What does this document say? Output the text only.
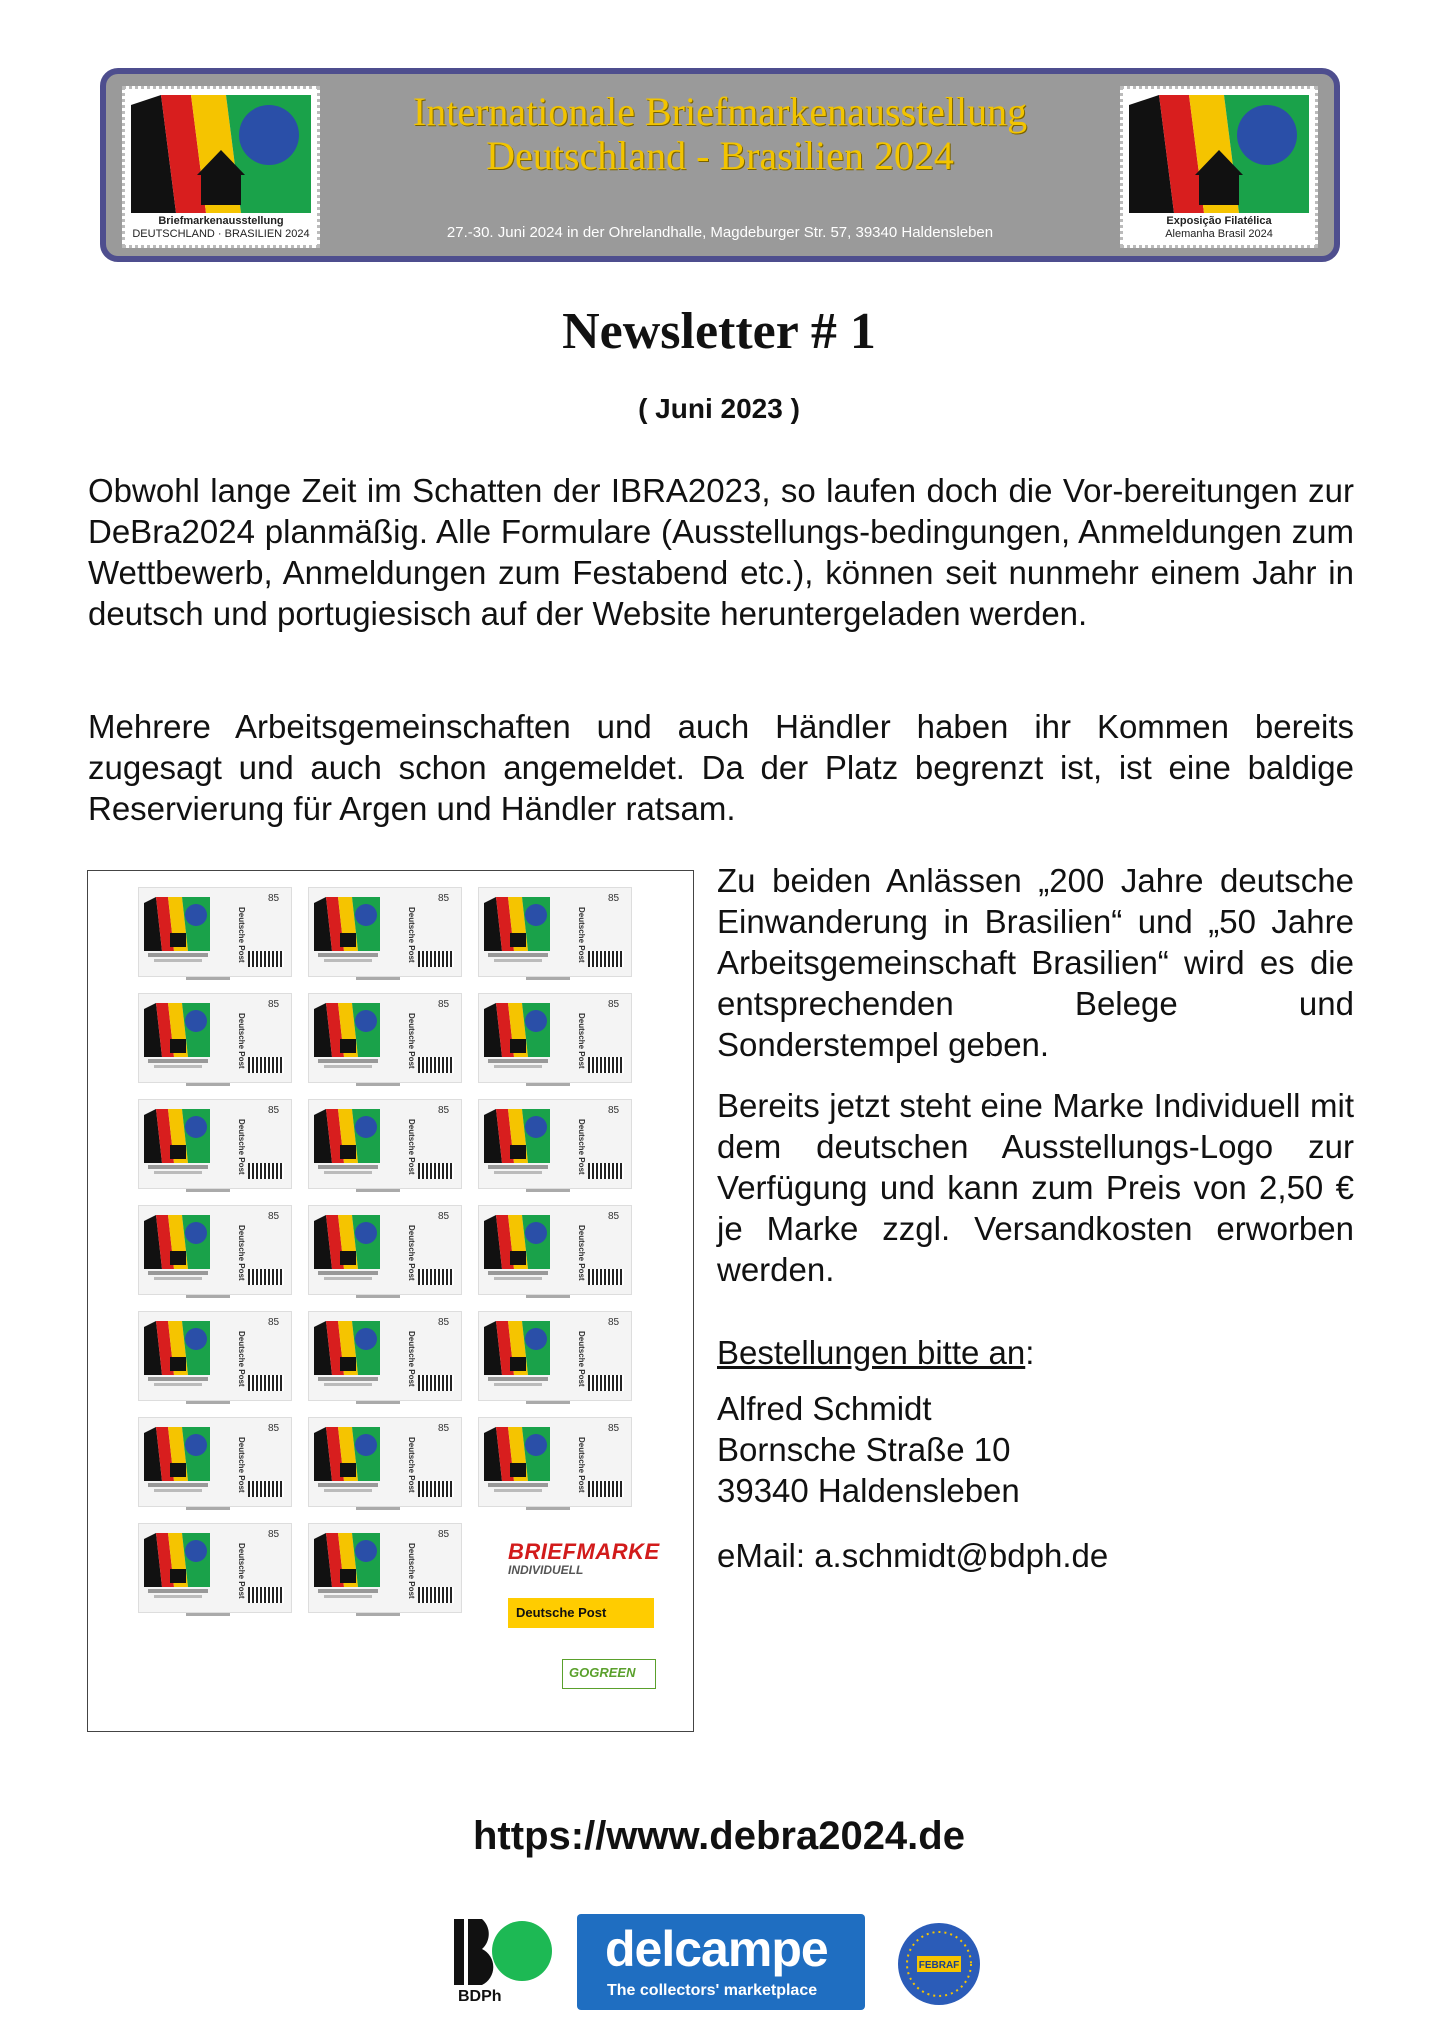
Briefmarkenausstellung
DEUTSCHLAND · BRASILIEN 2024
Internationale Briefmarkenausstellung
Deutschland - Brasilien 2024
27.-30. Juni 2024 in der Ohrelandhalle, Magdeburger Str. 57, 39340 Haldensleben
Exposição Filatélica
Alemanha Brasil 2024
Newsletter # 1
( Juni 2023 )

Obwohl lange Zeit im Schatten der IBRA2023, so laufen doch die Vor-bereitungen zur DeBra2024 planmäßig. Alle Formulare (Ausstellungs-bedingungen, Anmeldungen zum Wettbewerb, Anmeldungen zum Festabend etc.), können seit nunmehr einem Jahr in deutsch und portugiesisch auf der Website heruntergeladen werden.

Mehrere Arbeitsgemeinschaften und auch Händler haben ihr Kommen bereits zugesagt und auch schon angemeldet. Da der Platz begrenzt ist, ist eine baldige Reservierung für Argen und Händler ratsam.

85
Deutsche Post
85
Deutsche Post
85
Deutsche Post
85
Deutsche Post
85
Deutsche Post
85
Deutsche Post
85
Deutsche Post
85
Deutsche Post
85
Deutsche Post
85
Deutsche Post
85
Deutsche Post
85
Deutsche Post
85
Deutsche Post
85
Deutsche Post
85
Deutsche Post
85
Deutsche Post
85
Deutsche Post
85
Deutsche Post
85
Deutsche Post
85
Deutsche Post	BRIEFMARKE
INDIVIDUELL
Deutsche Post
GOGREEN

Zu beiden Anlässen „200 Jahre deutsche Einwanderung in Brasilien“ und „50 Jahre Arbeitsgemeinschaft Brasilien“ wird es die entsprechenden Belege und Sonderstempel geben.

Bereits jetzt steht eine Marke Individuell mit dem deutschen Ausstellungs-Logo zur Verfügung und kann zum Preis von 2,50 € je Marke zzgl. Versandkosten erworben werden.

Bestellungen bitte an:

Alfred Schmidt
Bornsche Straße 10
39340 Haldensleben
eMail: a.schmidt@bdph.de
https://www.debra2024.de
BDPh
delcampe
The collectors' marketplace
FEBRAF
